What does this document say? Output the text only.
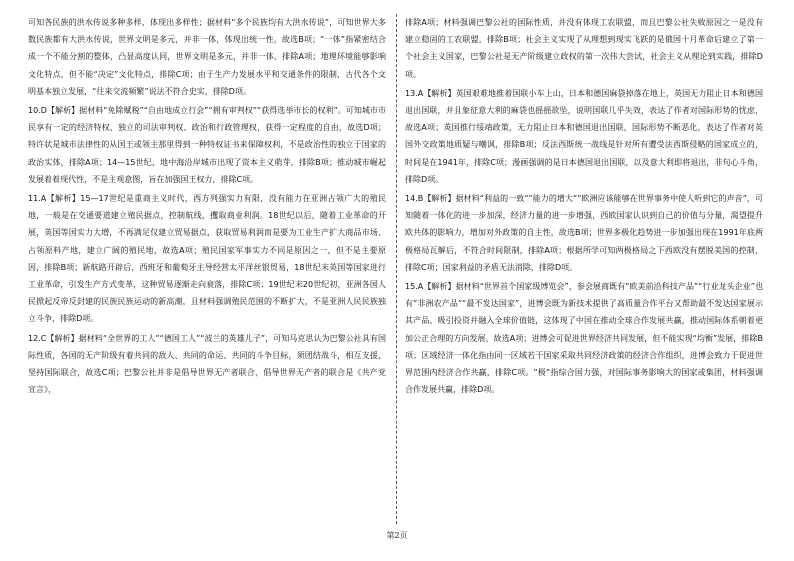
可知各民族的洪水传说多种多样，体现出多样性；据材料“多个民族均有大洪水传说”，可知世界大多数民族都有大洪水传说，世界文明是多元，并非一体，体现出统一性，故选B项；“一体”指紧密结合成一个不能分割的整体，凸显高度认同，世界文明是多元，并非一体，排除A项；地理环境能够影响文化特点，但不能“决定”文化特点，排除C项；由于生产力发展水平和交通条件的限制，古代各个文明基本独立发展，“往来交流频繁”说法不符合史实，排除D项。

10.D【解析】据材料“免除赋税”“自由地成立行会”“拥有审判权”“获得选举市长的权利”。可知城市市民享有一定的经济特权、独立的司法审判权、政治和行政管理权，获得一定程度的自由，故选D项；特许状是城市法律性的从国王或领主那里得到一种特权证书来保障权利，不是政治性的独立于国家的政治实体，排除A项；14—15世纪，地中海沿岸城市出现了资本主义萌芽，排除B项；推动城市崛起发展着着现代性，不是主观意图，旨在加强国王权力，排除C项。

11.A【解析】15—17世纪是重商主义时代，西方列强实力有限，没有能力在亚洲占领广大的殖民地，一般是在交通要道建立殖民据点，控制航线，攫取商业利润。18世纪以后，随着工业革命的开展，英国等国实力大增，不再满足仅建立贸易据点，获取贸易利润而是要为工业生产扩大商品市场、占领原料产地，建立广阔的殖民地，故选A项；殖民国家军事实力不同是原因之一，但不是主要原因，排除B项；新航路开辟后，西班牙和葡萄牙主导经营太平洋丝银贸易，18世纪末英国等国家进行工业革命，引发生产方式变革，这种贸易逐渐走向衰落，排除C项；19世纪末20世纪初，亚洲各国人民掀起反帝反封建的民族民族运动的新高潮，且材料强调殖民范围的不断扩大，不是亚洲人民民族独立斗争，排除D项。

12.C【解析】据材料“全世界的工人”“德国工人”“波兰的英雄儿子”，可知马克思认为巴黎公社具有国际性质，各国的无产阶级有着共同的敌人、共同的命运、共同的斗争目标，须团结战斗，相互支援，坚持国际联合，故选C项；巴黎公社并非是倡导世界无产者联合，倡导世界无产者的联合是《共产党宣言》，

排除A项；材料强调巴黎公社的国际性质，并没有体现工农联盟，而且巴黎公社失败原因之一是没有建立稳固的工农联盟，排除B项；社会主义实现了从理想到现实飞跃的是俄国十月革命后建立了第一个社会主义国家，巴黎公社是无产阶级建立政权的第一次伟大尝试，社会主义从理论到实践，排除D项。

13.A【解析】英国艰难地推着国联小车上山，日本和德国麻袋掉落在地上，英国无力阻止日本和德国退出国联，并且象征意大利的麻袋也摇摇欲坠，说明国联几乎失效，表达了作者对国际形势的忧虑，故选A项；英国推行绥靖政策，无力阻止日本和德国退出国联，国际形势不断恶化，表达了作者对英国外交政策地质疑与嘲讽，排除B项；反法西斯统一战线是针对所有遭受法西斯侵略的国家成立的，时间是在1941年，排除C项；漫画强调的是日本德国退出国联，以及意大利即将退出，非句心斗角，排除D项。

14.B【解析】据材料“利益的一致“”能力的增大”“欧洲应该能够在世界事务中使人听到它的声音”，可知随着一体化的进一步加深，经济力量的进一步增强，西欧国家认识到自己的价值与分量，渴望提升欧共体的影响力，增加对外政策的自主性，故选B项；世界多极化趋势进一步加强出现在1991年底两极格局瓦解后，不符合时间限制，排除A项；根据所学可知两极格局之下西欧没有摆脱美国的控制，排除C项；国家利益的矛盾无法消除，排除D项。

15.A【解析】据材料“世界首个国家级博览会”，参会展商既有“欧美前沿科技产品”“行业龙头企业”也有“非洲农产品”“最不发达国家”，进博会既为新技术提供了高质量合作平台又帮助最不发达国家展示其产品、吸引投资并融入全球价值链，这体现了中国在推动全球合作发展共赢，推动国际体系朝着更加公正合理的方向发展，故选A项；进博会可促进世界经济共同发展，但不能实现“均衡”发展，排除B项；区域经济一体化指由同一区域若干国家采取共同经济政策的经济合作组织，进博会致力于促进世界范围内经济合作共赢，排除C项。“极”指综合国力强，对国际事务影响大的国家或集团，材料强调合作发展共赢，排除D项。

第2页
